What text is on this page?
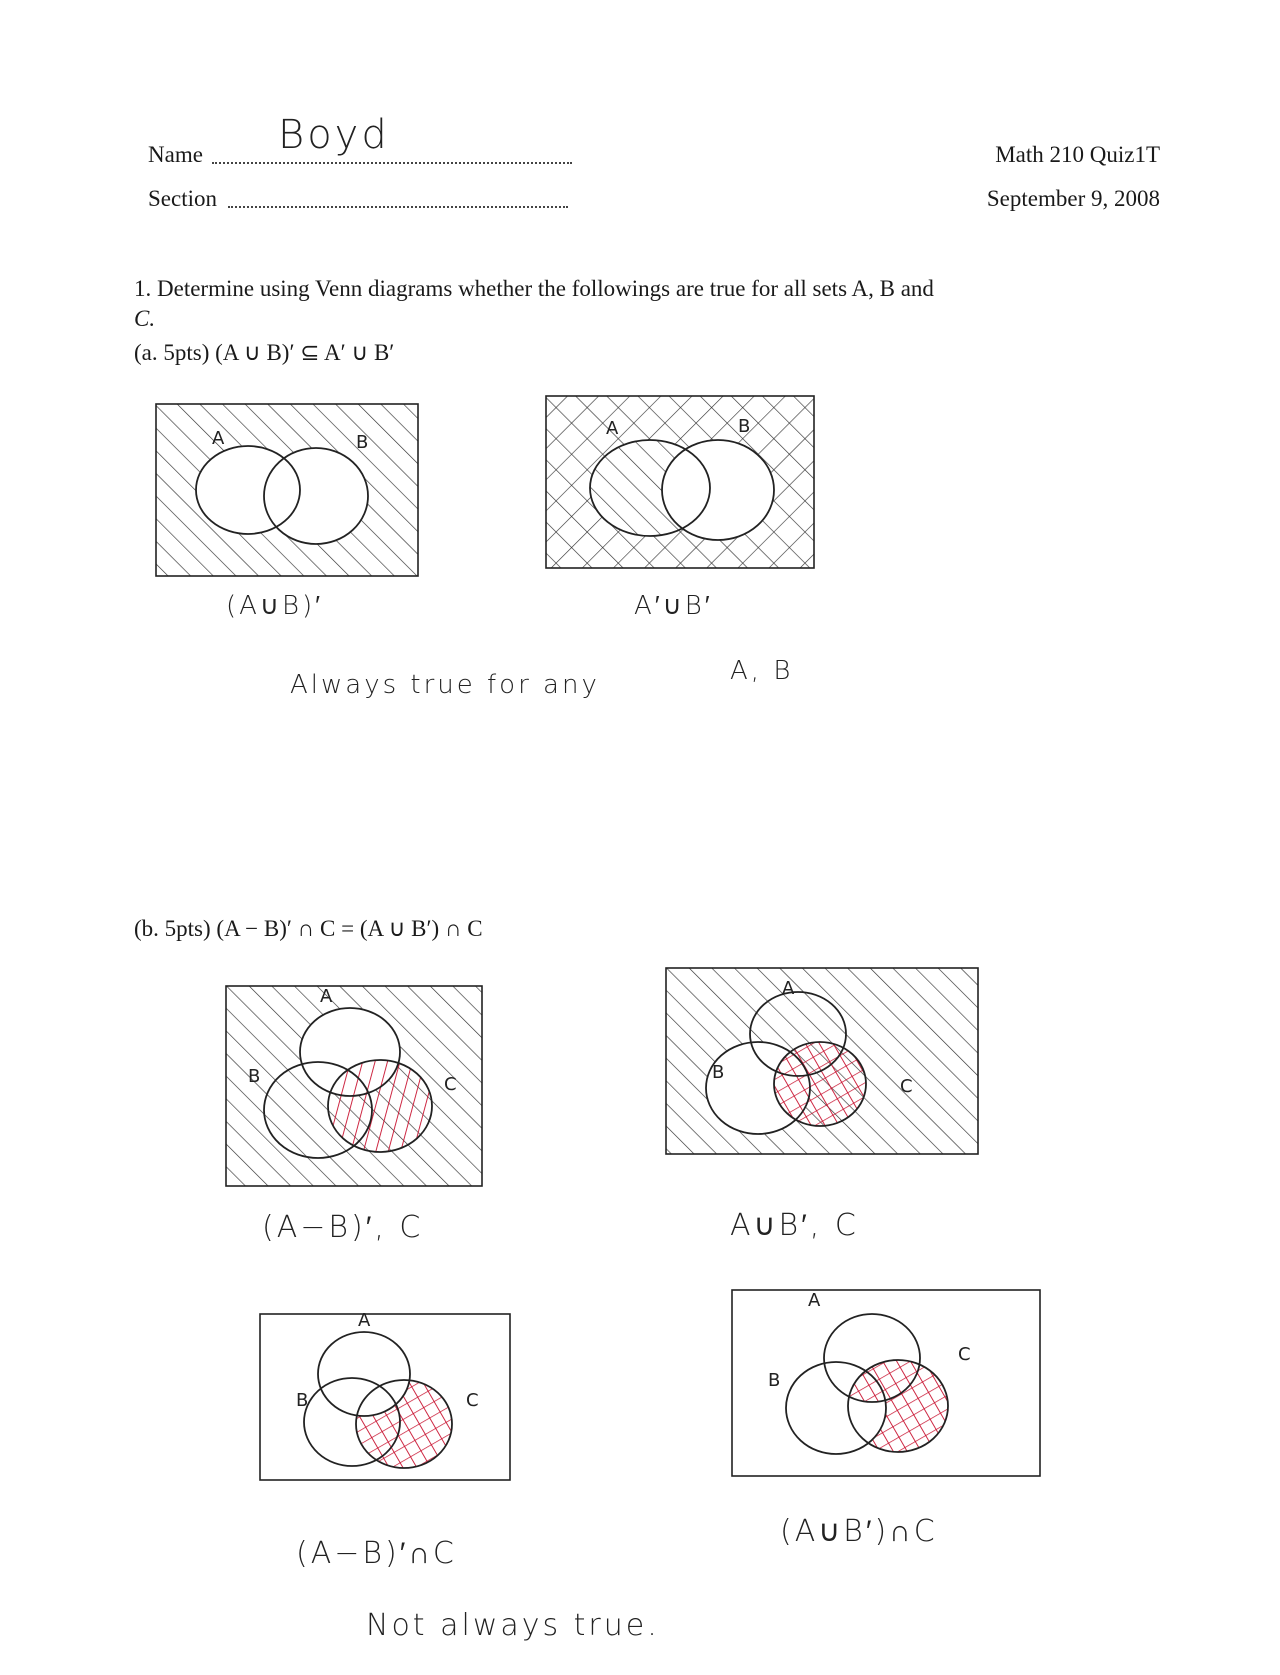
Name Boyd	Math 210 Quiz1T
Section	September 9, 2008
1. Determine using Venn diagrams whether the followings are true for all sets A, B and
C.
(a. 5pts) (A ∪ B)′ ⊆ A′ ∪ B′
(b. 5pts) (A − B)′ ∩ C = (A ∪ B′) ∩ C
A	B
(A∪B)′
A	B
A′∪B′
Always true for any	A, B
A
B	C
(A−B)′, C
A
B
C
A∪B′, C
A
B	C
(A−B)′∩C
A
B
C
(A∪B′)∩C
Not always true.
